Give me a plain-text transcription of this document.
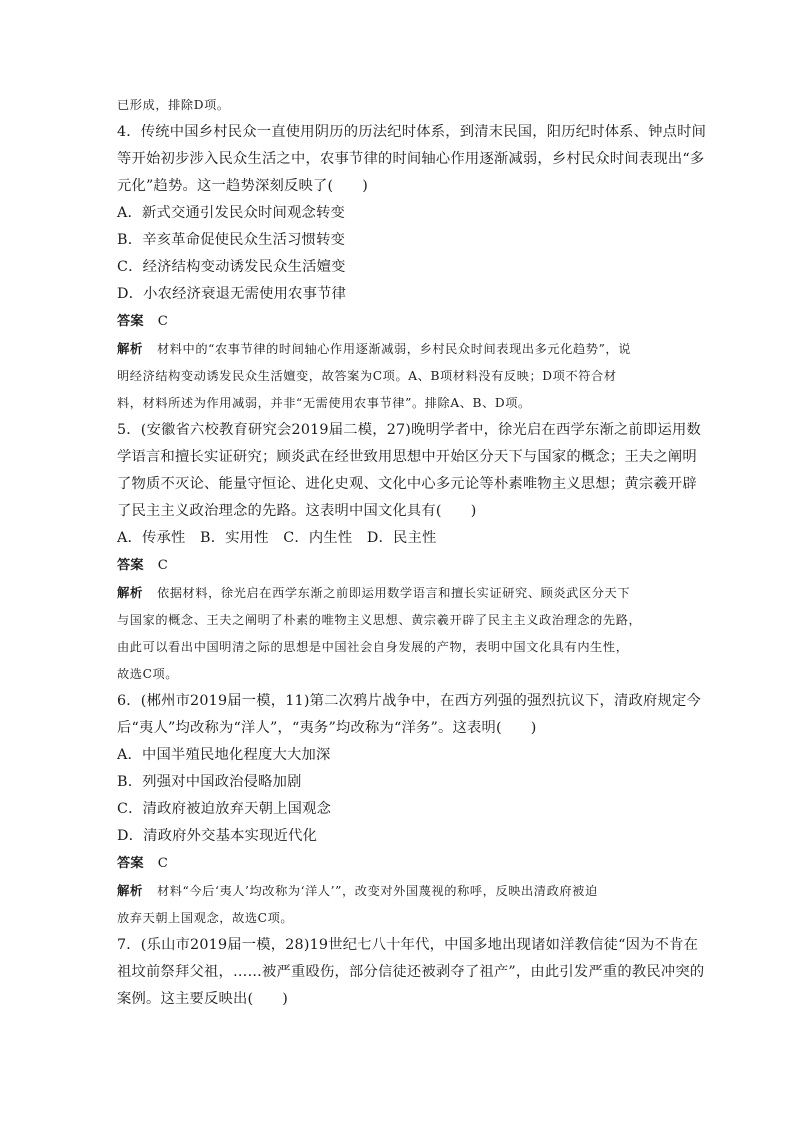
已形成，排除D项。
4．传统中国乡村民众一直使用阴历的历法纪时体系，到清末民国，阳历纪时体系、钟点时间
等开始初步涉入民众生活之中，农事节律的时间轴心作用逐渐减弱，乡村民众时间表现出“多
元化”趋势。这一趋势深刻反映了(　　)
A．新式交通引发民众时间观念转变
B．辛亥革命促使民众生活习惯转变
C．经济结构变动诱发民众生活嬗变
D．小农经济衰退无需使用农事节律
答案 C
解析 材料中的“农事节律的时间轴心作用逐渐减弱，乡村民众时间表现出多元化趋势”，说
明经济结构变动诱发民众生活嬗变，故答案为C项。A、B项材料没有反映；D项不符合材
料，材料所述为作用减弱，并非“无需使用农事节律”。排除A、B、D项。
5．(安徽省六校教育研究会2019届二模，27)晚明学者中，徐光启在西学东渐之前即运用数
学语言和擅长实证研究；顾炎武在经世致用思想中开始区分天下与国家的概念；王夫之阐明
了物质不灭论、能量守恒论、进化史观、文化中心多元论等朴素唯物主义思想；黄宗羲开辟
了民主主义政治理念的先路。这表明中国文化具有(　　)
A．传承性　B．实用性　C．内生性　D．民主性
答案 C
解析 依据材料，徐光启在西学东渐之前即运用数学语言和擅长实证研究、顾炎武区分天下
与国家的概念、王夫之阐明了朴素的唯物主义思想、黄宗羲开辟了民主主义政治理念的先路，
由此可以看出中国明清之际的思想是中国社会自身发展的产物，表明中国文化具有内生性，
故选C项。
6．(郴州市2019届一模，11)第二次鸦片战争中，在西方列强的强烈抗议下，清政府规定今
后“夷人”均改称为“洋人”，“夷务”均改称为“洋务”。这表明(　　)
A．中国半殖民地化程度大大加深
B．列强对中国政治侵略加剧
C．清政府被迫放弃天朝上国观念
D．清政府外交基本实现近代化
答案 C
解析 材料“今后‘夷人’均改称为‘洋人’”，改变对外国蔑视的称呼，反映出清政府被迫
放弃天朝上国观念，故选C项。
7．(乐山市2019届一模，28)19世纪七八十年代，中国多地出现诸如洋教信徒“因为不肯在
祖坟前祭拜父祖，……被严重殴伤，部分信徒还被剥夺了祖产”，由此引发严重的教民冲突的
案例。这主要反映出(　　)
